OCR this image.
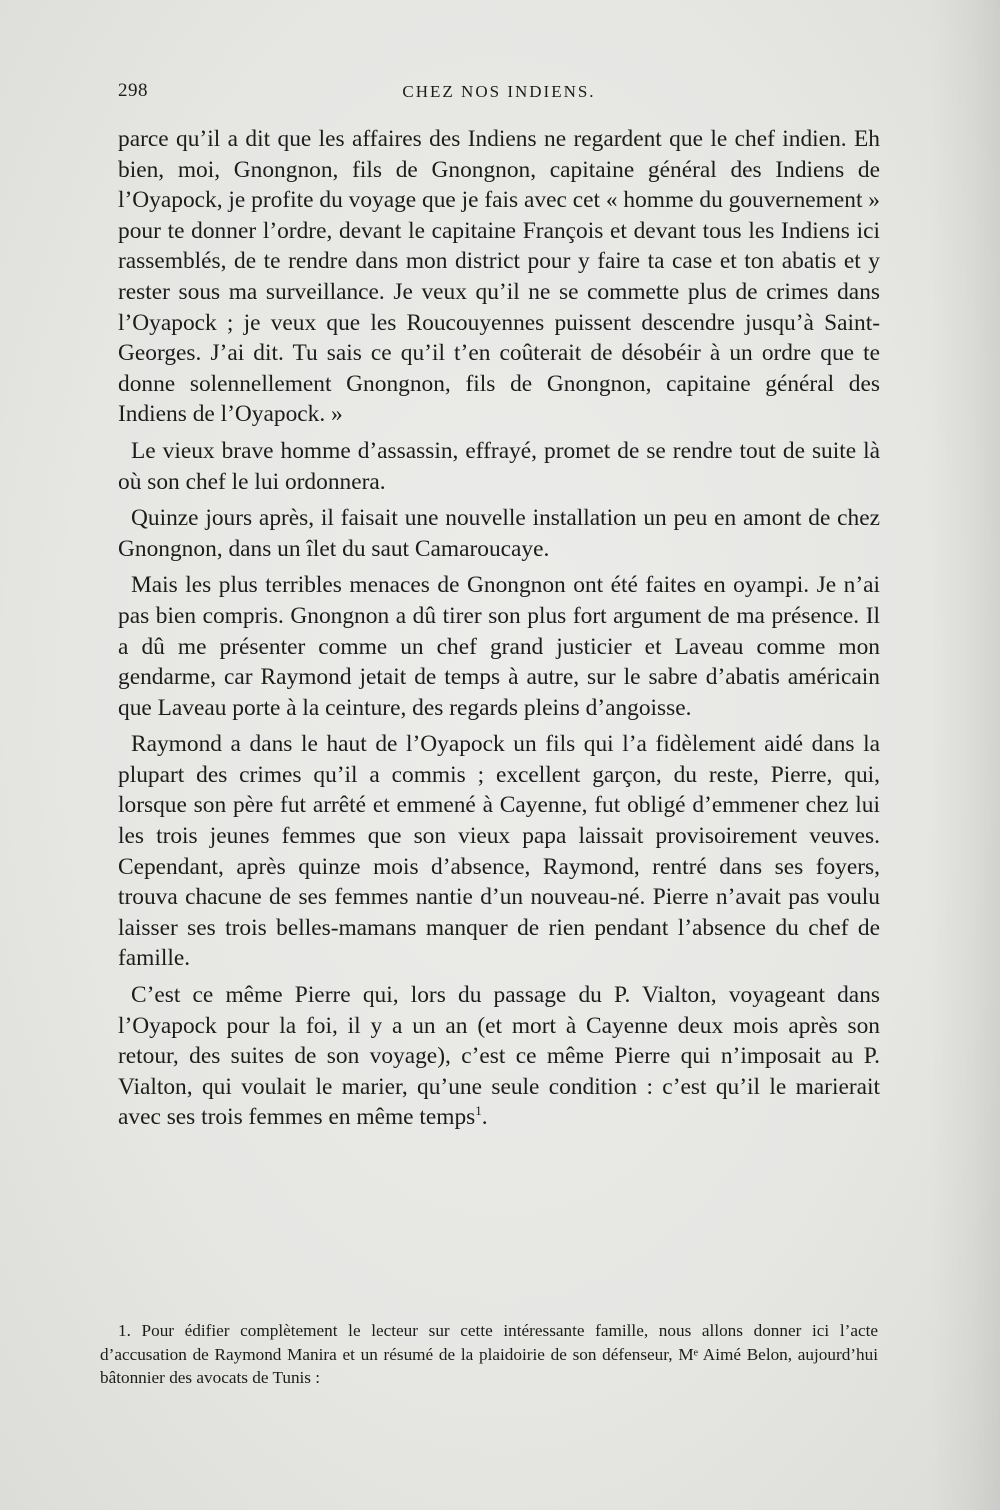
298	CHEZ NOS INDIENS.

parce qu’il a dit que les affaires des Indiens ne regardent que le chef indien. Eh bien, moi, Gnongnon, fils de Gnongnon, capitaine général des Indiens de l’Oyapock, je profite du voyage que je fais avec cet « homme du gouvernement » pour te donner l’ordre, devant le capitaine François et devant tous les Indiens ici rassemblés, de te rendre dans mon district pour y faire ta case et ton abatis et y rester sous ma surveillance. Je veux qu’il ne se commette plus de crimes dans l’Oyapock ; je veux que les Roucouyennes puissent descendre jusqu’à Saint-Georges. J’ai dit. Tu sais ce qu’il t’en coûterait de désobéir à un ordre que te donne solennellement Gnongnon, fils de Gnongnon, capitaine général des Indiens de l’Oyapock. »

Le vieux brave homme d’assassin, effrayé, promet de se rendre tout de suite là où son chef le lui ordonnera.

Quinze jours après, il faisait une nouvelle installation un peu en amont de chez Gnongnon, dans un îlet du saut Camaroucaye.

Mais les plus terribles menaces de Gnongnon ont été faites en oyampi. Je n’ai pas bien compris. Gnongnon a dû tirer son plus fort argument de ma présence. Il a dû me présenter comme un chef grand justicier et Laveau comme mon gendarme, car Raymond jetait de temps à autre, sur le sabre d’abatis américain que Laveau porte à la ceinture, des regards pleins d’angoisse.

Raymond a dans le haut de l’Oyapock un fils qui l’a fidèlement aidé dans la plupart des crimes qu’il a commis ; excellent garçon, du reste, Pierre, qui, lorsque son père fut arrêté et emmené à Cayenne, fut obligé d’emmener chez lui les trois jeunes femmes que son vieux papa laissait provisoirement veuves. Cependant, après quinze mois d’absence, Raymond, rentré dans ses foyers, trouva chacune de ses femmes nantie d’un nouveau-né. Pierre n’avait pas voulu laisser ses trois belles-mamans manquer de rien pendant l’absence du chef de famille.

C’est ce même Pierre qui, lors du passage du P. Vialton, voyageant dans l’Oyapock pour la foi, il y a un an (et mort à Cayenne deux mois après son retour, des suites de son voyage), c’est ce même Pierre qui n’imposait au P. Vialton, qui voulait le marier, qu’une seule condition : c’est qu’il le marierait avec ses trois femmes en même temps$^1$.

1. Pour édifier complètement le lecteur sur cette intéressante famille, nous allons donner ici l’acte d’accusation de Raymond Manira et un résumé de la plaidoirie de son défenseur, Mᵉ Aimé Belon, aujourd’hui bâtonnier des avocats de Tunis :
